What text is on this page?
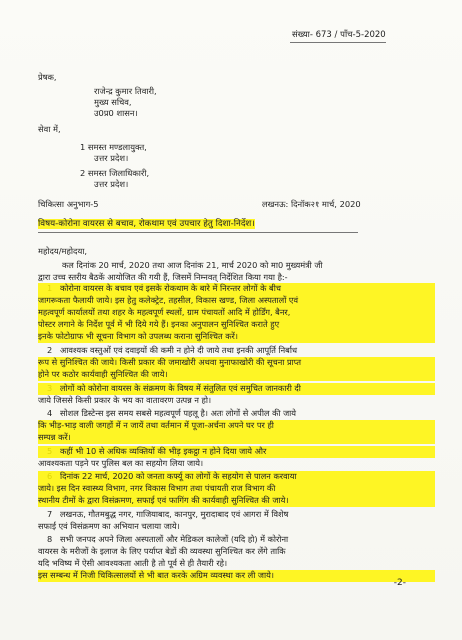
संख्या- 673 / पाँच-5-2020
प्रेषक,
राजेन्द्र कुमार तिवारी,
मुख्य सचिव,
उ0प्र0 शासन।
सेवा में,
1 समस्त मण्डलायुक्त,
उत्तर प्रदेश।
2 समस्त जिलाधिकारी,
उत्तर प्रदेश।
चिकित्सा अनुभाग-5	लखनऊ: दिनॉक२१ मार्च, 2020
विषय-कोरोना वायरस से बचाव, रोकथाम एवं उपचार हेतु दिशा-निर्देश।
महोदय/महोदया,
कल दिनांक 20 मार्च, 2020 तथा आज दिनांक 21, मार्च 2020 को मा0 मुख्यमंत्री जी
द्वारा उच्च स्तरीय बैठकें आयोजित की गयी हैं, जिसमें निम्नवत् निर्देशित किया गया है:-
कोरोना वायरस के बचाव एवं इसके रोकथाम के बारे में निरन्तर लोगों के बीच
जागरूकता फैलायी जाये। इस हेतु कलेक्ट्रेट, तहसील, विकास खण्ड, जिला अस्पतालों एवं
महत्वपूर्ण कार्यालयों तथा शहर के महत्वपूर्ण स्थलों, ग्राम पंचायतों आदि में होर्डिंग, बैनर,
पोस्टर लगाने के निर्देश पूर्व में भी दिये गये हैं। इनका अनुपालन सुनिश्चित कराते हुए
इनके फोटोग्राफ भी सूचना विभाग को उपलब्ध कराना सुनिश्चित करें।
2 आवश्यक वस्तुओं एवं दवाइयों की कमी न होने दी जाये तथा इनकी आपूर्ति निर्बाध
रूप से सुनिश्चित की जाये। किसी प्रकार की जमाखोरी अथवा मुनाफाखोरी की सूचना प्राप्त
होने पर कठोर कार्यवाही सुनिश्चित की जाये।
लोगों को कोरोना वायरस के संक्रमण के विषय में संतुलित एवं समुचित जानकारी दी
जाये जिससे किसी प्रकार के भय का वातावरण उत्पन्न न हो।
4 सोशल डिस्टेन्स इस समय सबसे महत्वपूर्ण पहलू है। अतः लोगों से अपील की जाये
कि भीड़-भाड़ वाली जगहों में न जायें तथा वर्तमान में पूजा-अर्चना अपने घर पर ही
सम्पन्न करें।
कहीं भी 10 से अधिक व्यक्तियों की भीड़ इकट्ठा न होने दिया जाये और
आवश्यकता पड़ने पर पुलिस बल का सहयोग लिया जाये।
दिनांक 22 मार्च, 2020 को जनता कर्फ्यू का लोगों के सहयोग से पालन करवाया
जाये। इस दिन स्वास्थ्य विभाग, नगर विकास विभाग तथा पंचायती राज विभाग की
स्थानीय टीमों के द्वारा विसंक्रमण, सफाई एवं फागिंग की कार्यवाही सुनिश्चित की जाये।
7 लखनऊ, गौतमबुद्ध नगर, गाजियाबाद, कानपुर, मुरादाबाद एवं आगरा में विशेष
सफाई एवं विसंक्रमण का अभियान चलाया जाये।
8 सभी जनपद अपने जिला अस्पतालों और मेडिकल कालेजों (यदि हो) में कोरोना
वायरस के मरीजों के इलाज के लिए पर्याप्त बेडों की व्यवस्था सुनिश्चित कर लेंगे ताकि
यदि भविष्य में ऐसी आवश्यकता आती है तो पूर्व से ही तैयारी रहे।
इस सम्बन्ध में निजी चिकित्सालयों से भी बात करके अग्रिम व्यवस्था कर ली जाये।
-2-
